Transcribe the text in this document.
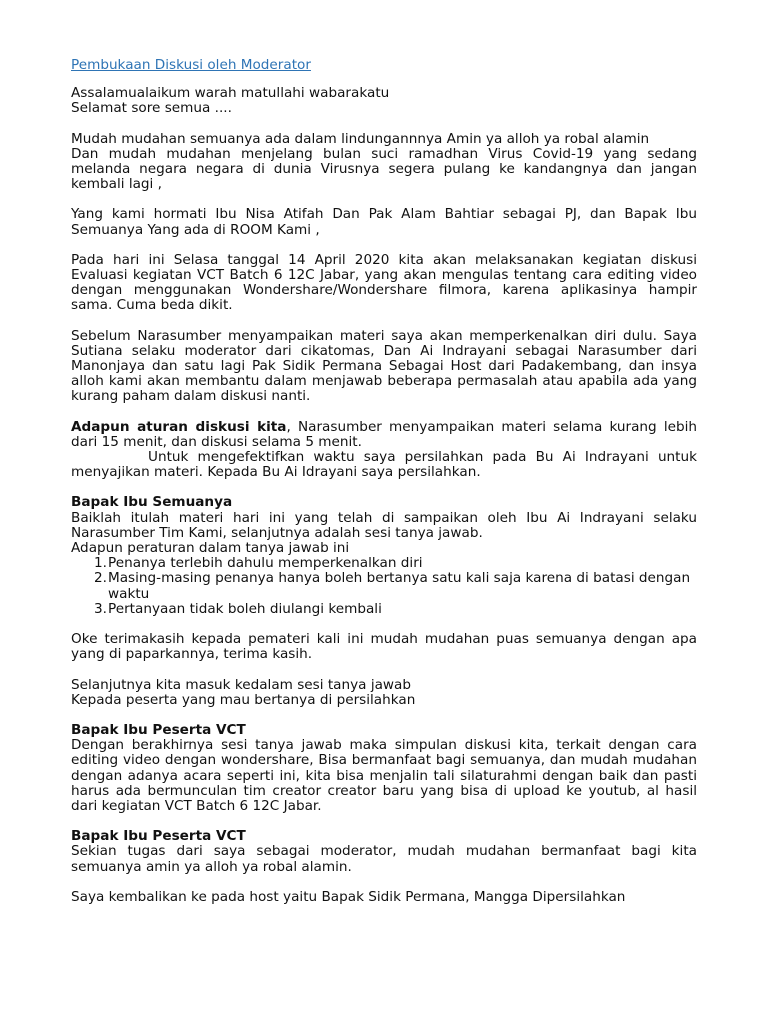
Pembukaan Diskusi oleh Moderator

Assalamualaikum warah matullahi wabarakatu

Selamat sore semua ....

Mudah mudahan semuanya ada dalam lindungannnya Amin ya alloh ya robal alamin

Dan mudah mudahan menjelang bulan suci ramadhan Virus Covid-19 yang sedang melanda negara negara di dunia Virusnya segera pulang ke kandangnya dan jangan kembali lagi ,

Yang kami hormati Ibu Nisa Atifah Dan Pak Alam Bahtiar sebagai PJ, dan Bapak Ibu Semuanya Yang ada di ROOM Kami ,

Pada hari ini Selasa tanggal 14 April 2020 kita akan melaksanakan kegiatan diskusi Evaluasi kegiatan VCT Batch 6 12C Jabar, yang akan mengulas tentang cara editing video dengan menggunakan Wondershare/Wondershare filmora, karena aplikasinya hampir sama. Cuma beda dikit.

Sebelum Narasumber menyampaikan materi saya akan memperkenalkan diri dulu. Saya Sutiana selaku moderator dari cikatomas, Dan Ai Indrayani sebagai Narasumber dari Manonjaya dan satu lagi Pak Sidik Permana Sebagai Host dari Padakembang, dan insya alloh kami akan membantu dalam menjawab beberapa permasalah atau apabila ada yang kurang paham dalam diskusi nanti.

Adapun aturan diskusi kita, Narasumber menyampaikan materi selama kurang lebih dari 15 menit, dan diskusi selama 5 menit.

Untuk mengefektifkan waktu saya persilahkan pada Bu Ai Indrayani untuk menyajikan materi. Kepada Bu Ai Idrayani saya persilahkan.

Bapak Ibu Semuanya

Baiklah itulah materi hari ini yang telah di sampaikan oleh Ibu Ai Indrayani selaku Narasumber Tim Kami, selanjutnya adalah sesi tanya jawab.

Adapun peraturan dalam tanya jawab ini

1. Penanya terlebih dahulu memperkenalkan diri
2. Masing-masing penanya hanya boleh bertanya satu kali saja karena di batasi dengan waktu
3. Pertanyaan tidak boleh diulangi kembali

Oke terimakasih kepada pemateri kali ini mudah mudahan puas semuanya dengan apa yang di paparkannya, terima kasih.

Selanjutnya kita masuk kedalam sesi tanya jawab

Kepada peserta yang mau bertanya di persilahkan

Bapak Ibu Peserta VCT

Dengan berakhirnya sesi tanya jawab maka simpulan diskusi kita, terkait dengan cara editing video dengan wondershare, Bisa bermanfaat bagi semuanya, dan mudah mudahan dengan adanya acara seperti ini, kita bisa menjalin tali silaturahmi dengan baik dan pasti harus ada bermunculan tim creator creator baru yang bisa di upload ke youtub, al hasil dari kegiatan VCT Batch 6 12C Jabar.

Bapak Ibu Peserta VCT

Sekian tugas dari saya sebagai moderator, mudah mudahan bermanfaat bagi kita semuanya amin ya alloh ya robal alamin.

Saya kembalikan ke pada host yaitu Bapak Sidik Permana, Mangga Dipersilahkan
